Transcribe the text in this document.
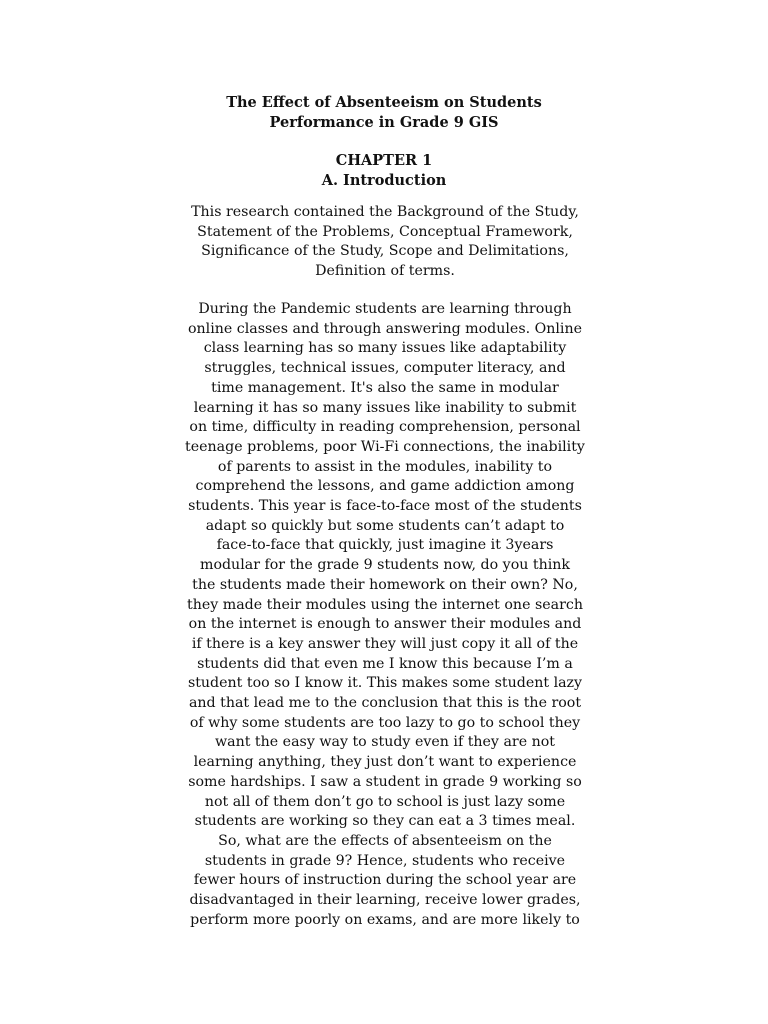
The Effect of Absenteeism on Students
Performance in Grade 9 GIS
CHAPTER 1
A. Introduction
This research contained the Background of the Study,
Statement of the Problems, Conceptual Framework,
Significance of the Study, Scope and Delimitations,
Definition of terms.
During the Pandemic students are learning through
online classes and through answering modules. Online
class learning has so many issues like adaptability
struggles, technical issues, computer literacy, and
time management. It's also the same in modular
learning it has so many issues like inability to submit
on time, difficulty in reading comprehension, personal
teenage problems, poor Wi-Fi connections, the inability
of parents to assist in the modules, inability to
comprehend the lessons, and game addiction among
students. This year is face-to-face most of the students
adapt so quickly but some students can’t adapt to
face-to-face that quickly, just imagine it 3years
modular for the grade 9 students now, do you think
the students made their homework on their own? No,
they made their modules using the internet one search
on the internet is enough to answer their modules and
if there is a key answer they will just copy it all of the
students did that even me I know this because I’m a
student too so I know it. This makes some student lazy
and that lead me to the conclusion that this is the root
of why some students are too lazy to go to school they
want the easy way to study even if they are not
learning anything, they just don’t want to experience
some hardships. I saw a student in grade 9 working so
not all of them don’t go to school is just lazy some
students are working so they can eat a 3 times meal.
So, what are the effects of absenteeism on the
students in grade 9? Hence, students who receive
fewer hours of instruction during the school year are
disadvantaged in their learning, receive lower grades,
perform more poorly on exams, and are more likely to
